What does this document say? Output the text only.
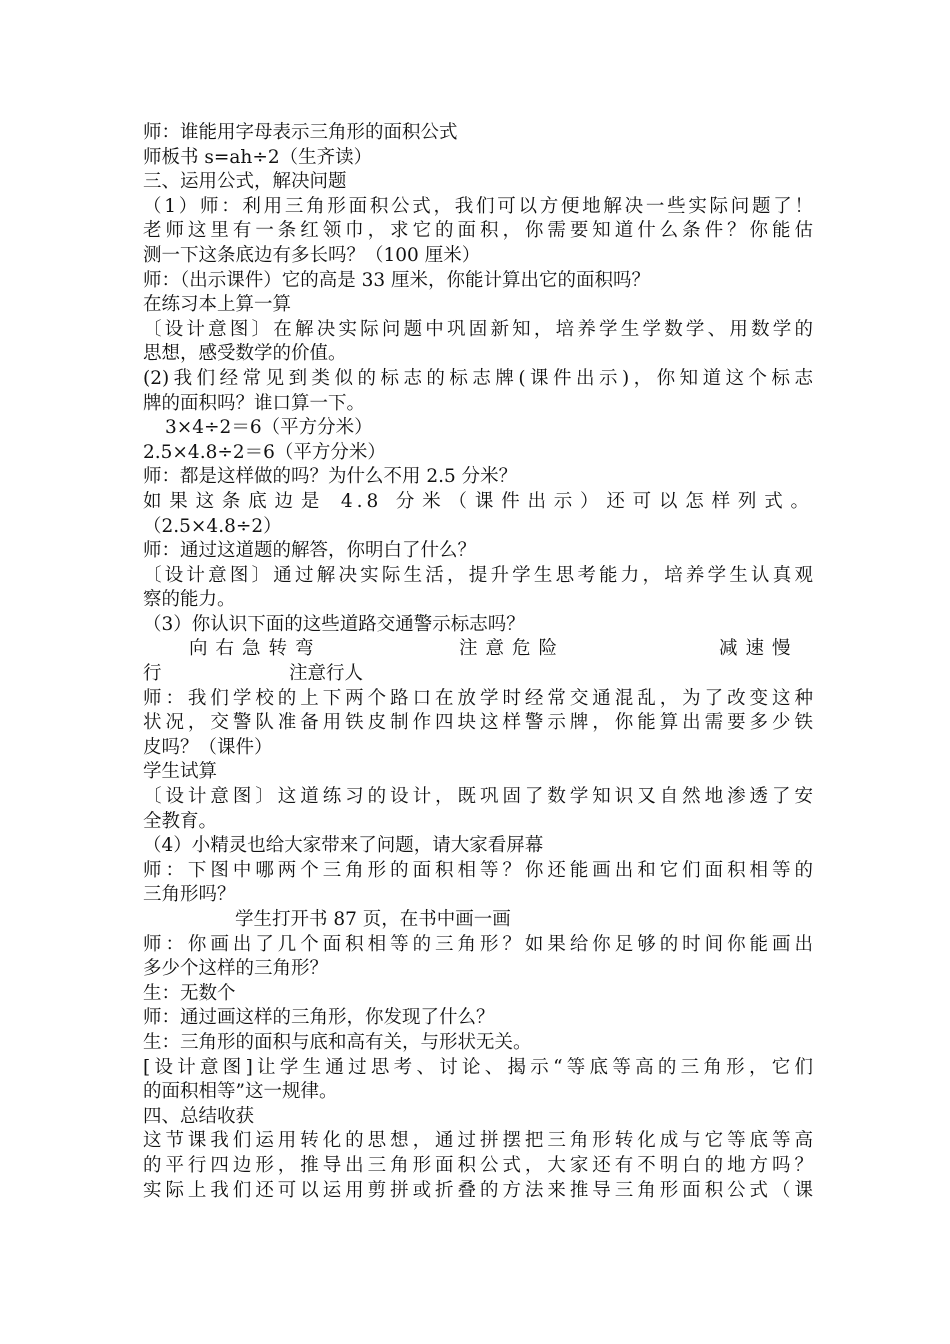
师：谁能用字母表示三角形的面积公式
师板书 s=ah÷2（生齐读）
三、运用公式，解决问题
（1）师：利用三角形面积公式，我们可以方便地解决一些实际问题了！
老师这里有一条红领巾，求它的面积，你需要知道什么条件？你能估
测一下这条底边有多长吗？（100 厘米）
师：（出示课件）它的高是 33 厘米，你能计算出它的面积吗？
在练习本上算一算
〔设计意图〕在解决实际问题中巩固新知，培养学生学数学、用数学的
思想，感受数学的价值。
(2)我们经常见到类似的标志的标志牌(课件出示)，你知道这个标志
牌的面积吗？谁口算一下。
3×4÷2＝6（平方分米）
2.5×4.8÷2＝6（平方分米）
师：都是这样做的吗？为什么不用 2.5 分米？
如果这条底边是 4.8 分米（课件出示）还可以怎样列式。
（2.5×4.8÷2）
师：通过这道题的解答，你明白了什么？
〔设计意图〕通过解决实际生活，提升学生思考能力，培养学生认真观
察的能力。
（3）你认识下面的这些道路交通警示标志吗？
向右急转弯	注意危险	减速慢
行	注意行人
师：我们学校的上下两个路口在放学时经常交通混乱，为了改变这种
状况，交警队准备用铁皮制作四块这样警示牌，你能算出需要多少铁
皮吗？（课件）
学生试算
〔设计意图〕这道练习的设计，既巩固了数学知识又自然地渗透了安
全教育。
（4）小精灵也给大家带来了问题，请大家看屏幕
师：下图中哪两个三角形的面积相等？你还能画出和它们面积相等的
三角形吗？
学生打开书 87 页，在书中画一画
师：你画出了几个面积相等的三角形？如果给你足够的时间你能画出
多少个这样的三角形？
生：无数个
师：通过画这样的三角形，你发现了什么？
生：三角形的面积与底和高有关，与形状无关。
[设计意图]让学生通过思考、讨论、揭示“等底等高的三角形，它们
的面积相等”这一规律。
四、总结收获
这节课我们运用转化的思想，通过拼摆把三角形转化成与它等底等高
的平行四边形，推导出三角形面积公式，大家还有不明白的地方吗？
实际上我们还可以运用剪拼或折叠的方法来推导三角形面积公式（课
